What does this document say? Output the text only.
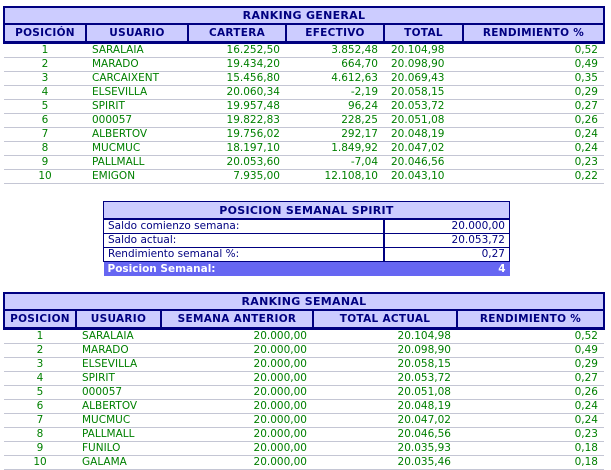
RANKING GENERAL					
POSICIÓN	USUARIO	CARTERA	EFECTIVO	TOTAL	RENDIMIENTO %
1	SARALAIA	16.252,50	3.852,48	20.104,98	0,52
2	MARADO	19.434,20	664,70	20.098,90	0,49
3	CARCAIXENT	15.456,80	4.612,63	20.069,43	0,35
4	ELSEVILLA	20.060,34	-2,19	20.058,15	0,29
5	SPIRIT	19.957,48	96,24	20.053,72	0,27
6	000057	19.822,83	228,25	20.051,08	0,26
7	ALBERTOV	19.756,02	292,17	20.048,19	0,24
8	MUCMUC	18.197,10	1.849,92	20.047,02	0,24
9	PALLMALL	20.053,60	-7,04	20.046,56	0,23
10	EMIGON	7.935,00	12.108,10	20.043,10	0,22
POSICION SEMANAL SPIRIT	
Saldo comienzo semana:	20.000,00
Saldo actual:	20.053,72
Rendimiento semanal %:	0,27
Posicion Semanal:	4
RANKING SEMANAL				
POSICION	USUARIO	SEMANA ANTERIOR	TOTAL ACTUAL	RENDIMIENTO %
1	SARALAIA	20.000,00	20.104,98	0,52
2	MARADO	20.000,00	20.098,90	0,49
3	ELSEVILLA	20.000,00	20.058,15	0,29
4	SPIRIT	20.000,00	20.053,72	0,27
5	000057	20.000,00	20.051,08	0,26
6	ALBERTOV	20.000,00	20.048,19	0,24
7	MUCMUC	20.000,00	20.047,02	0,24
8	PALLMALL	20.000,00	20.046,56	0,23
9	FUNILO	20.000,00	20.035,93	0,18
10	GALAMA	20.000,00	20.035,46	0,18
